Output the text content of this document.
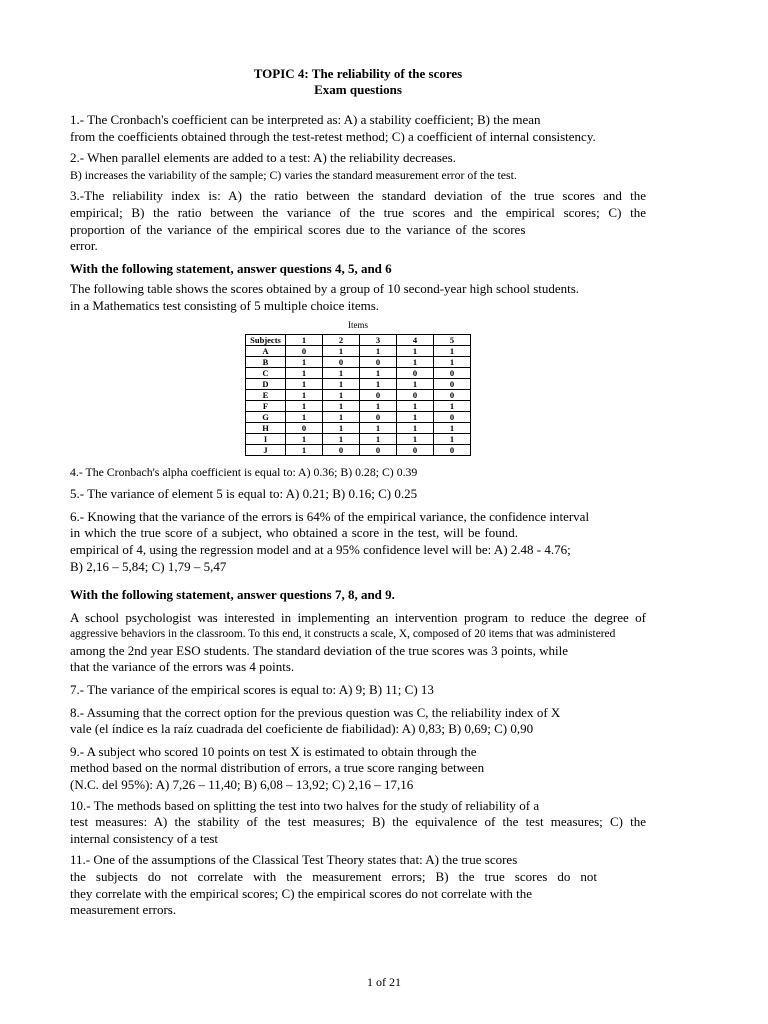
TOPIC 4: The reliability of the scores
Exam questions
1.- The Cronbach's coefficient can be interpreted as: A) a stability coefficient; B) the mean
from the coefficients obtained through the test-retest method; C) a coefficient of internal consistency.
2.- When parallel elements are added to a test: A) the reliability decreases.
B) increases the variability of the sample; C) varies the standard measurement error of the test.
3.-The reliability index is: A) the ratio between the standard deviation of the true scores and the
empirical; B) the ratio between the variance of the true scores and the empirical scores; C) the
proportion of the variance of the empirical scores due to the variance of the scores
error.
With the following statement, answer questions 4, 5, and 6
The following table shows the scores obtained by a group of 10 second-year high school students.
in a Mathematics test consisting of 5 multiple choice items.
Items
Subjects	1	2	3	4	5
A	0	1	1	1	1
B	1	0	0	1	1
C	1	1	1	0	0
D	1	1	1	1	0
E	1	1	0	0	0
F	1	1	1	1	1
G	1	1	0	1	0
H	0	1	1	1	1
I	1	1	1	1	1
J	1	0	0	0	0
4.- The Cronbach's alpha coefficient is equal to: A) 0.36; B) 0.28; C) 0.39
5.- The variance of element 5 is equal to: A) 0.21; B) 0.16; C) 0.25
6.- Knowing that the variance of the errors is 64% of the empirical variance, the confidence interval
in which the true score of a subject, who obtained a score in the test, will be found.
empirical of 4, using the regression model and at a 95% confidence level will be: A) 2.48 - 4.76;
B) 2,16 – 5,84; C) 1,79 – 5,47
With the following statement, answer questions 7, 8, and 9.
A school psychologist was interested in implementing an intervention program to reduce the degree of
aggressive behaviors in the classroom. To this end, it constructs a scale, X, composed of 20 items that was administered
among the 2nd year ESO students. The standard deviation of the true scores was 3 points, while
that the variance of the errors was 4 points.
7.- The variance of the empirical scores is equal to: A) 9; B) 11; C) 13
8.- Assuming that the correct option for the previous question was C, the reliability index of X
vale (el índice es la raíz cuadrada del coeficiente de fiabilidad): A) 0,83; B) 0,69; C) 0,90
9.- A subject who scored 10 points on test X is estimated to obtain through the
method based on the normal distribution of errors, a true score ranging between
(N.C. del 95%): A) 7,26 – 11,40; B) 6,08 – 13,92; C) 2,16 – 17,16
10.- The methods based on splitting the test into two halves for the study of reliability of a
test measures: A) the stability of the test measures; B) the equivalence of the test measures; C) the
internal consistency of a test
11.- One of the assumptions of the Classical Test Theory states that: A) the true scores
the subjects do not correlate with the measurement errors; B) the true scores do not
they correlate with the empirical scores; C) the empirical scores do not correlate with the
measurement errors.
1 of 21
